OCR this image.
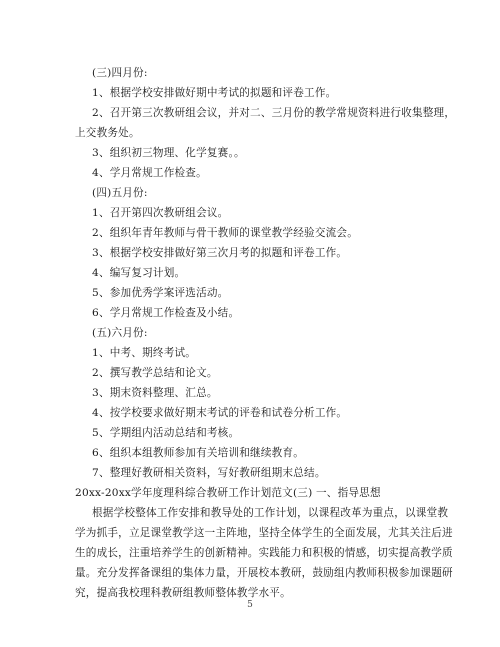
(三)四月份:
1、根据学校安排做好期中考试的拟题和评卷工作。
2、召开第三次教研组会议，并对二、三月份的教学常规资料进行收集整理，
上交教务处。
3、组织初三物理、化学复赛。。
4、学月常规工作检查。
(四)五月份:
1、召开第四次教研组会议。
2、组织年青年教师与骨干教师的课堂教学经验交流会。
3、根据学校安排做好第三次月考的拟题和评卷工作。
4、编写复习计划。
5、参加优秀学案评选活动。
6、学月常规工作检查及小结。
(五)六月份:
1、中考、期终考试。
2、撰写教学总结和论文。
3、期末资料整理、汇总。
4、按学校要求做好期末考试的评卷和试卷分析工作。
5、学期组内活动总结和考核。
6、组织本组教师参加有关培训和继续教育。
7、整理好教研相关资料，写好教研组期末总结。
20xx-20xx学年度理科综合教研工作计划范文(三) 一、指导思想
根据学校整体工作安排和教导处的工作计划，以课程改革为重点，以课堂教
学为抓手，立足课堂教学这一主阵地，坚持全体学生的全面发展，尤其关注后进
生的成长，注重培养学生的创新精神。实践能力和积极的情感，切实提高教学质
量。充分发挥备课组的集体力量，开展校本教研，鼓励组内教师积极参加课题研
究，提高我校理科教研组教师整体教学水平。
5
